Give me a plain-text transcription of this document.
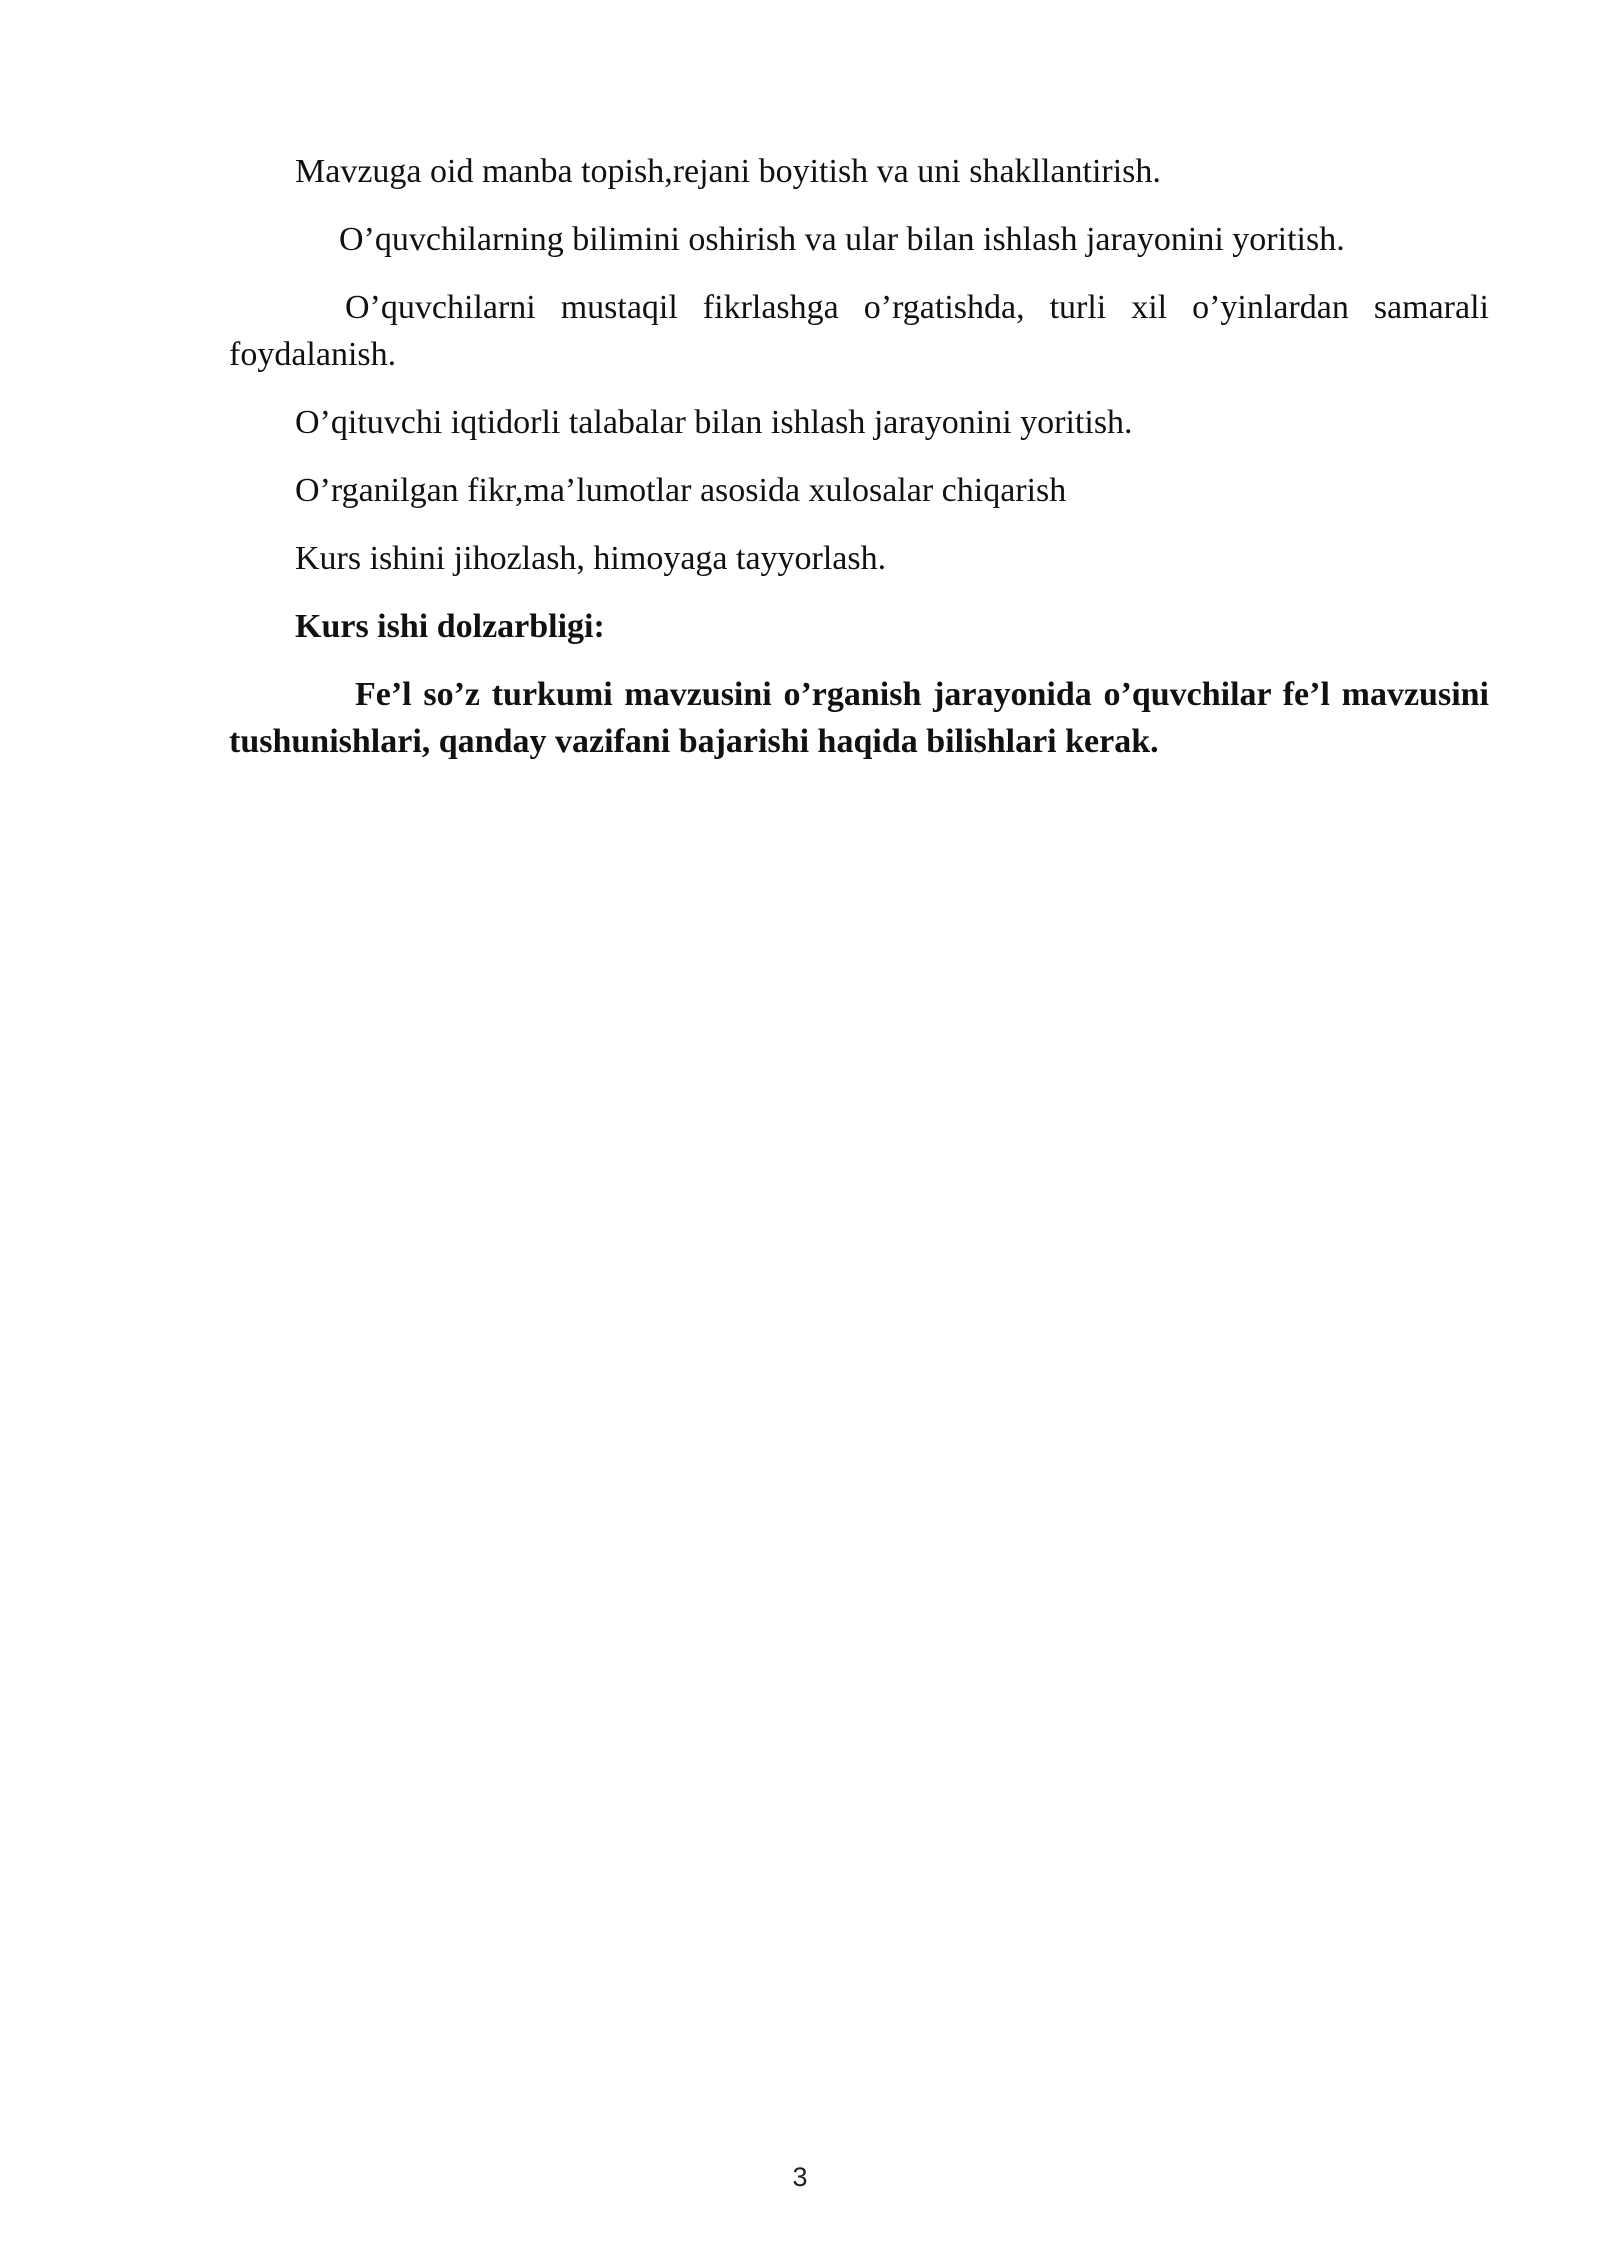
Mavzuga oid manba topish,rejani boyitish va uni shakllantirish.

O’quvchilarning bilimini oshirish va ular bilan ishlash jarayonini yoritish.

O’quvchilarni mustaqil fikrlashga o’rgatishda, turli xil o’yinlardan samarali foydalanish.

O’qituvchi iqtidorli talabalar bilan ishlash jarayonini yoritish.

O’rganilgan fikr,ma’lumotlar asosida xulosalar chiqarish

Kurs ishini jihozlash, himoyaga tayyorlash.

Kurs ishi dolzarbligi:

Fe’l so’z turkumi mavzusini o’rganish jarayonida o’quvchilar fe’l mavzusini tushunishlari, qanday vazifani bajarishi haqida bilishlari kerak.

3
